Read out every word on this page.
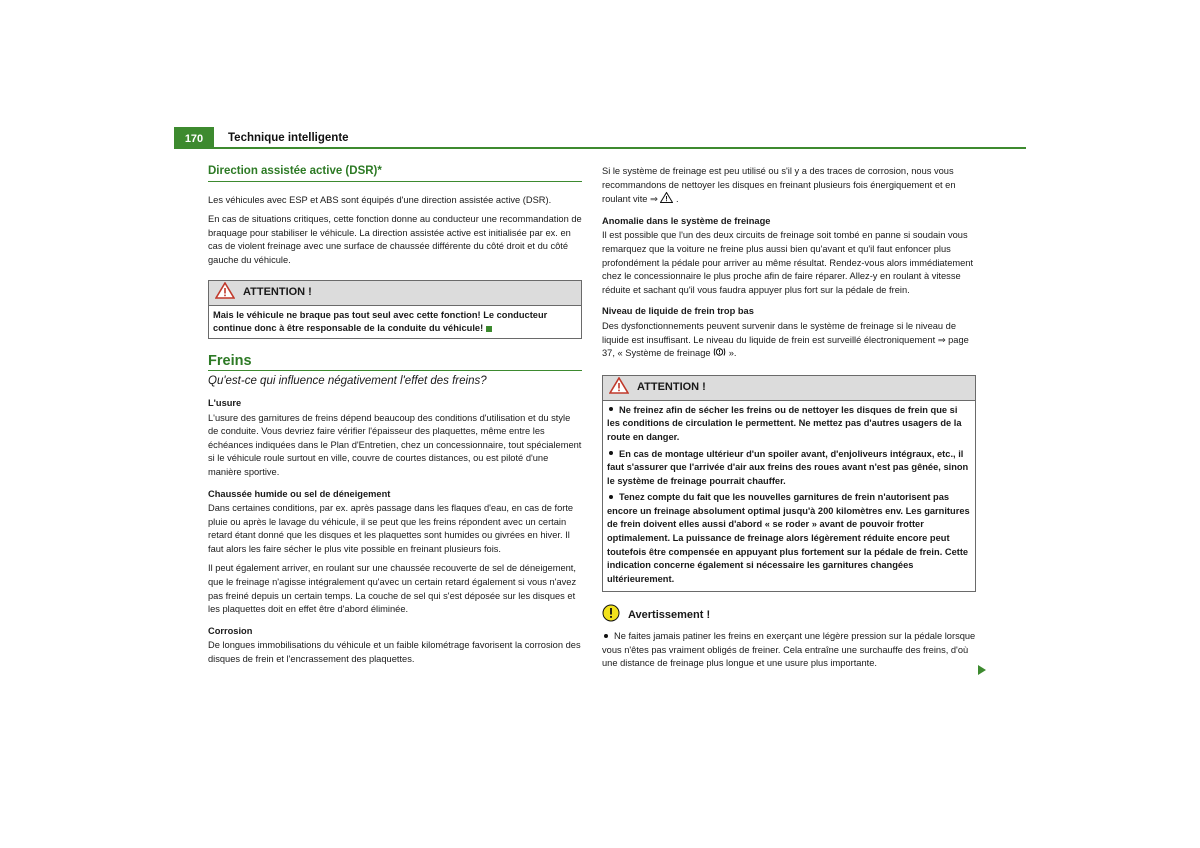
170	Technique intelligente
Direction assistée active (DSR)*

Les véhicules avec ESP et ABS sont équipés d'une direction assistée active (DSR).

En cas de situations critiques, cette fonction donne au conducteur une recommandation de braquage pour stabiliser le véhicule. La direction assistée active est initialisée par ex. en cas de violent freinage avec une surface de chaussée différente du côté droit et du côté gauche du véhicule.

ATTENTION !
Mais le véhicule ne braque pas tout seul avec cette fonction! Le conducteur continue donc à être responsable de la conduite du véhicule!
Freins
Qu'est-ce qui influence négativement l'effet des freins?
L'usure

L'usure des garnitures de freins dépend beaucoup des conditions d'utilisation et du style de conduite. Vous devriez faire vérifier l'épaisseur des plaquettes, même entre les échéances indiquées dans le Plan d'Entretien, chez un concessionnaire, tout spécialement si le véhicule roule surtout en ville, couvre de courtes distances, ou est piloté d'une manière sportive.

Chaussée humide ou sel de déneigement

Dans certaines conditions, par ex. après passage dans les flaques d'eau, en cas de forte pluie ou après le lavage du véhicule, il se peut que les freins répondent avec un certain retard étant donné que les disques et les plaquettes sont humides ou givrées en hiver. Il faut alors les faire sécher le plus vite possible en freinant plusieurs fois.

Il peut également arriver, en roulant sur une chaussée recouverte de sel de déneigement, que le freinage n'agisse intégralement qu'avec un certain retard également si vous n'avez pas freiné depuis un certain temps. La couche de sel qui s'est déposée sur les disques et les plaquettes doit en effet être d'abord éliminée.

Corrosion

De longues immobilisations du véhicule et un faible kilométrage favorisent la corrosion des disques de frein et l'encrassement des plaquettes.

Si le système de freinage est peu utilisé ou s'il y a des traces de corrosion, nous vous recommandons de nettoyer les disques en freinant plusieurs fois énergiquement et en roulant vite ⇒ .

Anomalie dans le système de freinage

Il est possible que l'un des deux circuits de freinage soit tombé en panne si soudain vous remarquez que la voiture ne freine plus aussi bien qu'avant et qu'il faut enfoncer plus profondément la pédale pour arriver au même résultat. Rendez-vous alors immédiatement chez le concessionnaire le plus proche afin de faire réparer. Allez-y en roulant à vitesse réduite et sachant qu'il vous faudra appuyer plus fort sur la pédale de frein.

Niveau de liquide de frein trop bas

Des dysfonctionnements peuvent survenir dans le système de freinage si le niveau de liquide est insuffisant. Le niveau du liquide de frein est surveillé électroniquement ⇒ page 37, « Système de freinage ».

ATTENTION !

Ne freinez afin de sécher les freins ou de nettoyer les disques de frein que si les conditions de circulation le permettent. Ne mettez pas d'autres usagers de la route en danger.

En cas de montage ultérieur d'un spoiler avant, d'enjoliveurs intégraux, etc., il faut s'assurer que l'arrivée d'air aux freins des roues avant n'est pas gênée, sinon le système de freinage pourrait chauffer.

Tenez compte du fait que les nouvelles garnitures de frein n'autorisent pas encore un freinage absolument optimal jusqu'à 200 kilomètres env. Les garnitures de frein doivent elles aussi d'abord « se roder » avant de pouvoir frotter optimalement. La puissance de freinage alors légèrement réduite encore peut toutefois être compensée en appuyant plus fortement sur la pédale de frein. Cette indication concerne également si nécessaire les garnitures changées ultérieurement.

Avertissement !

Ne faites jamais patiner les freins en exerçant une légère pression sur la pédale lorsque vous n'êtes pas vraiment obligés de freiner. Cela entraîne une surchauffe des freins, d'où une distance de freinage plus longue et une usure plus importante.
